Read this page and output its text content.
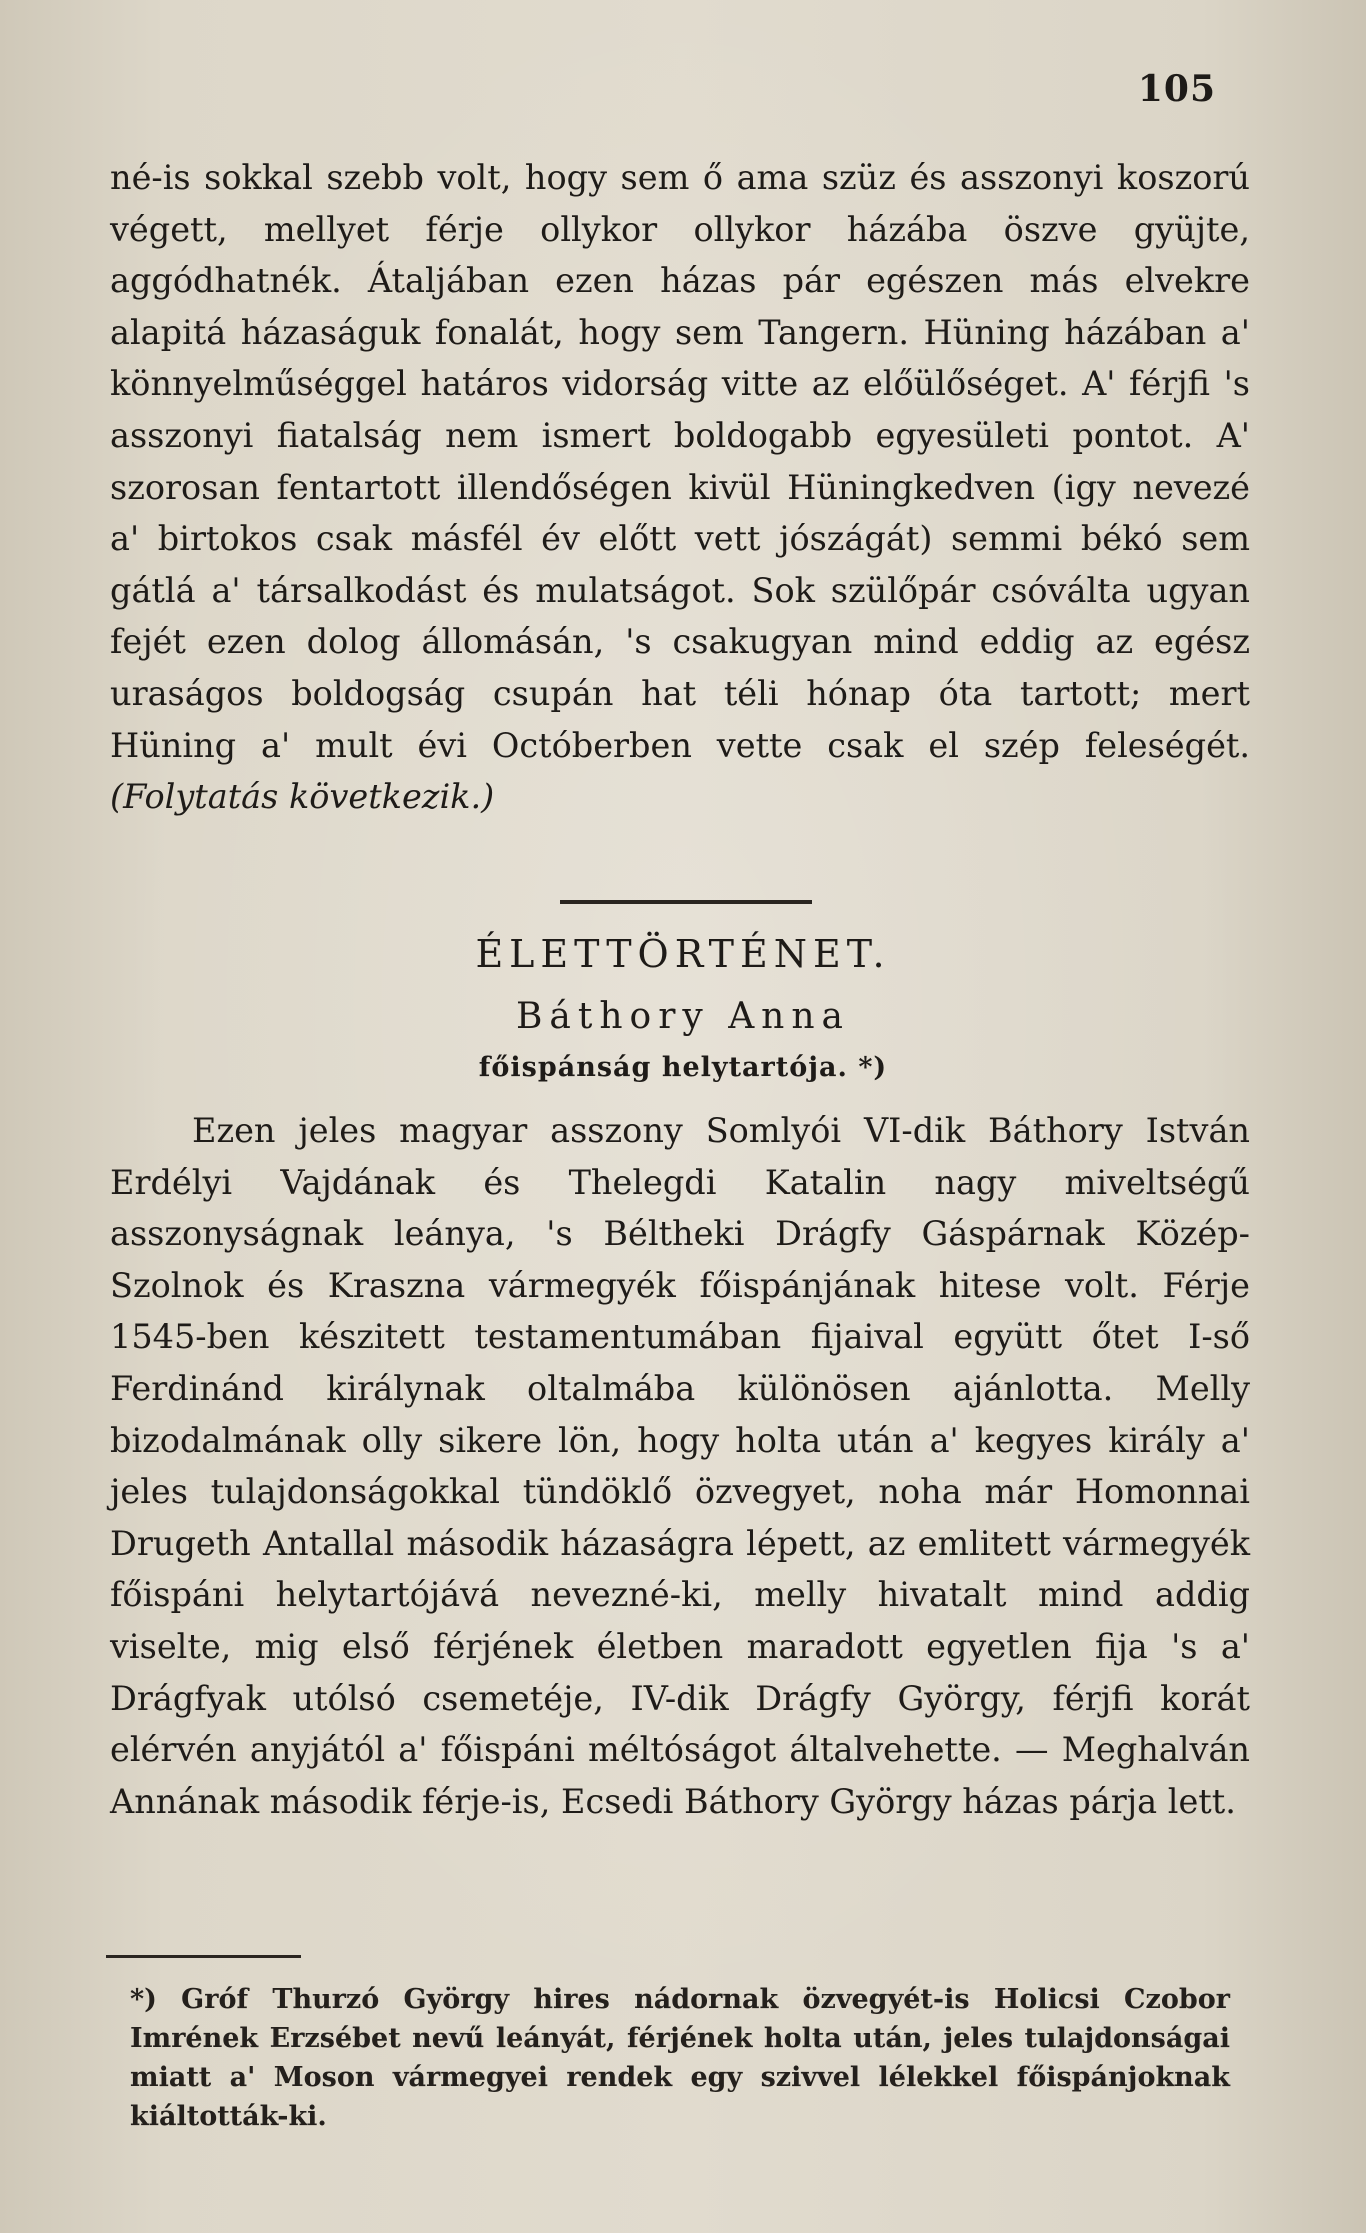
105

né-is sokkal szebb volt, hogy sem ő ama szüz és asszonyi koszorú végett, mellyet férje ollykor ollykor házába öszve gyüjte, aggódhatnék. Átaljában ezen házas pár egészen más elvekre alapitá házaságuk fonalát, hogy sem Tangern. Hüning házában a' könnyelműséggel határos vidorság vitte az előülőséget. A' férjfi 's asszonyi fiatalság nem ismert boldogabb egyesületi pontot. A' szorosan fentartott illendőségen kivül Hüningkedven (igy nevezé a' birtokos csak másfél év előtt vett jószágát) semmi békó sem gátlá a' társalkodást és mulatságot. Sok szülőpár csóválta ugyan fejét ezen dolog állomásán, 's csakugyan mind eddig az egész uraságos boldogság csupán hat téli hónap óta tartott; mert Hüning a' mult évi Octóberben vette csak el szép feleségét. (Folytatás következik.)

ÉLETTÖRTÉNET.
Báthory Anna
főispánság helytartója. *)

Ezen jeles magyar asszony Somlyói VI-dik Báthory István Erdélyi Vajdának és Thelegdi Katalin nagy miveltségű asszonyságnak leánya, 's Béltheki Drágfy Gáspárnak Közép-Szolnok és Kraszna vármegyék főispánjának hitese volt. Férje 1545-ben készitett testamentumában fijaival együtt őtet I-ső Ferdinánd királynak oltalmába különösen ajánlotta. Melly bizodalmának olly sikere lön, hogy holta után a' kegyes király a' jeles tulajdonságokkal tündöklő özvegyet, noha már Homonnai Drugeth Antallal második házaságra lépett, az emlitett vármegyék főispáni helytartójává nevezné-ki, melly hivatalt mind addig viselte, mig első férjének életben maradott egyetlen fija 's a' Drágfyak utólsó csemetéje, IV-dik Drágfy György, férjfi korát elérvén anyjától a' főispáni méltóságot általvehette. — Meghalván Annának második férje-is, Ecsedi Báthory György házas párja lett.

*) Gróf Thurzó György hires nádornak özvegyét-is Holicsi Czobor Imrének Erzsébet nevű leányát, férjének holta után, jeles tulajdonságai miatt a' Moson vármegyei rendek egy szivvel lélekkel főispánjoknak kiáltották-ki.
